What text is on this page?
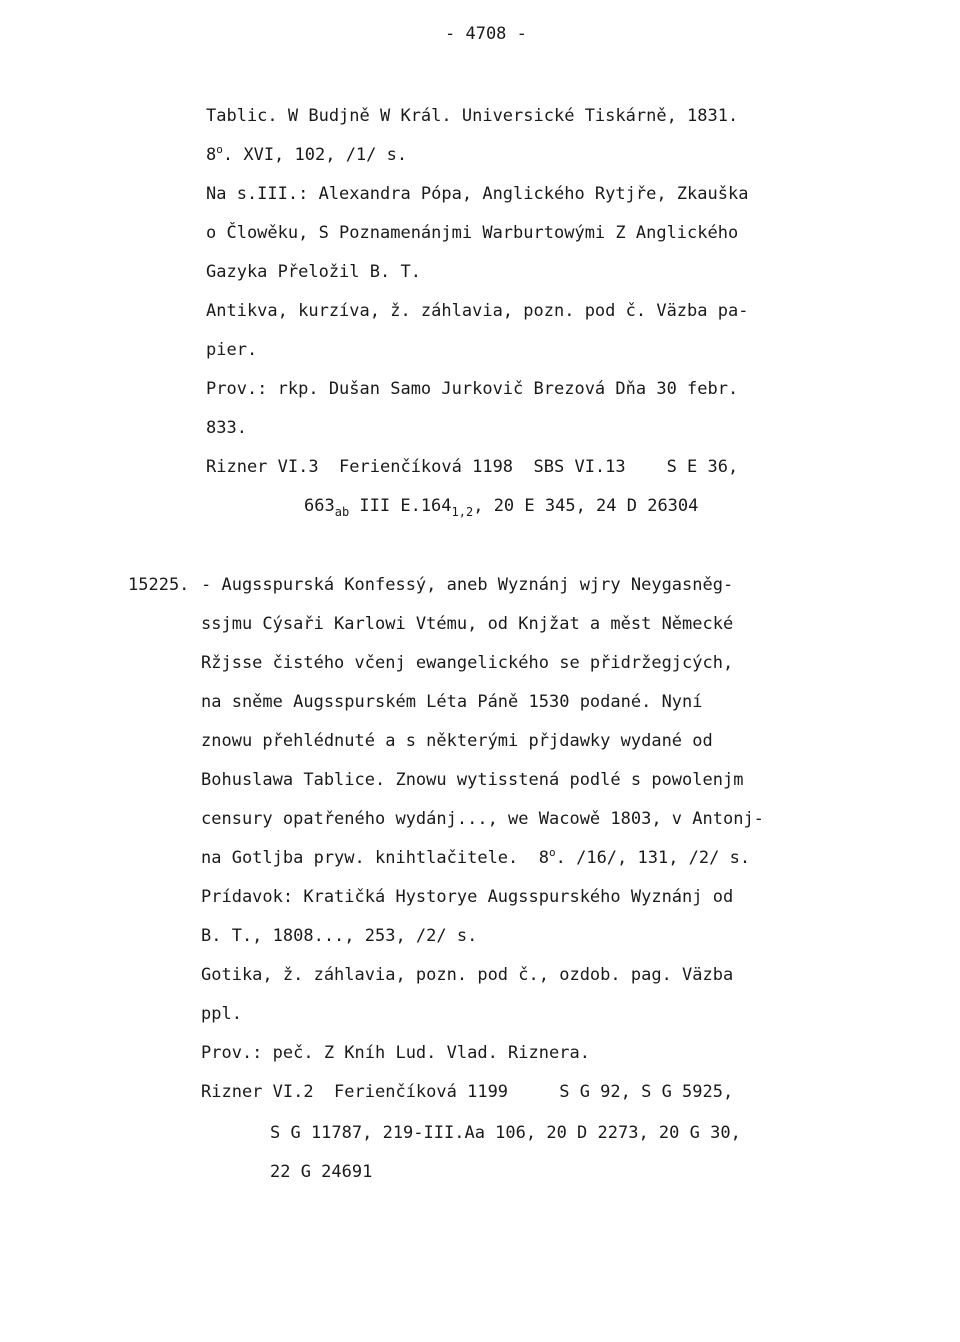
- 4708 -
Tablic. W Budjně W Král. Universické Tiskárně, 1831.
8$^o$. XVI, 102, /1/ s.
Na s.III.: Alexandra Pópa, Anglického Rytjře, Zkauška
o Člowěku, S Poznamenánjmi Warburtowými Z Anglického
Gazyka Přeložil B. T.
Antikva, kurzíva, ž. záhlavia, pozn. pod č. Väzba pa-
pier.
Prov.: rkp. Dušan Samo Jurkovič Brezová Dňa 30 febr.
833.
Rizner VI.3  Ferienčíková 1198  SBS VI.13    S E 36,
$663_{ab}$ III $E.164_{1,2}$, 20 E 345, 24 D 26304
15225. - Augsspurská Konfessý, aneb Wyznánj wjry Neygasněg-
ssjmu Cýsaři Karlowi Vtému, od Knjžat a měst Německé
Ržjsse čistého včenj ewangelického se přidržegjcých,
na sněme Augsspurském Léta Páně 1530 podané. Nyní
znowu přehlédnuté a s některými přjdawky wydané od
Bohuslawa Tablice. Znowu wytisstená podlé s powolenjm
censury opatřeného wydánj..., we Wacowě 1803, v Antonj-
na Gotljba pryw. knihtlačitele.  8$^o$. /16/, 131, /2/ s.
Prídavok: Kratičká Hystorye Augsspurského Wyznánj od
B. T., 1808..., 253, /2/ s.
Gotika, ž. záhlavia, pozn. pod č., ozdob. pag. Väzba
ppl.
Prov.: peč. Z Kníh Lud. Vlad. Riznera.
Rizner VI.2  Ferienčíková 1199     S G 92, S G 5925,
S G 11787, 219-III.Aa 106, 20 D 2273, 20 G 30,
22 G 24691
